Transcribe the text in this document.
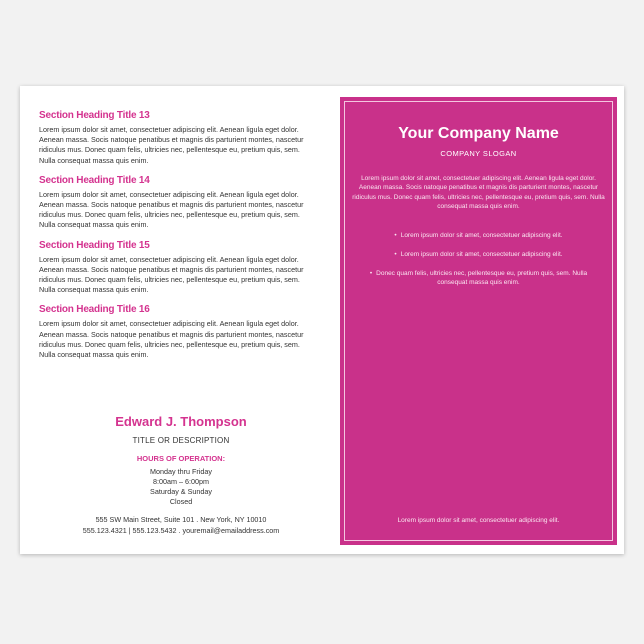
Section Heading Title 13

Lorem ipsum dolor sit amet, consectetuer adipiscing elit. Aenean ligula eget dolor. Aenean massa. Socis natoque penatibus et magnis dis parturient montes, nascetur ridiculus mus. Donec quam felis, ultricies nec, pellentesque eu, pretium quis, sem. Nulla consequat massa quis enim.

Section Heading Title 14

Lorem ipsum dolor sit amet, consectetuer adipiscing elit. Aenean ligula eget dolor. Aenean massa. Socis natoque penatibus et magnis dis parturient montes, nascetur ridiculus mus. Donec quam felis, ultricies nec, pellentesque eu, pretium quis, sem. Nulla consequat massa quis enim.

Section Heading Title 15

Lorem ipsum dolor sit amet, consectetuer adipiscing elit. Aenean ligula eget dolor. Aenean massa. Socis natoque penatibus et magnis dis parturient montes, nascetur ridiculus mus. Donec quam felis, ultricies nec, pellentesque eu, pretium quis, sem. Nulla consequat massa quis enim.

Section Heading Title 16

Lorem ipsum dolor sit amet, consectetuer adipiscing elit. Aenean ligula eget dolor. Aenean massa. Socis natoque penatibus et magnis dis parturient montes, nascetur ridiculus mus. Donec quam felis, ultricies nec, pellentesque eu, pretium quis, sem. Nulla consequat massa quis enim.

Edward J. Thompson
TITLE OR DESCRIPTION
HOURS OF OPERATION:
Monday thru Friday
8:00am – 6:00pm
Saturday & Sunday
Closed
555 SW Main Street, Suite 101 . New York, NY 10010
555.123.4321 | 555.123.5432 . youremail@emailaddress.com
Your Company Name
COMPANY SLOGAN
Lorem ipsum dolor sit amet, consectetuer adipiscing elit. Aenean ligula eget dolor. Aenean massa. Socis natoque penatibus et magnis dis parturient montes, nascetur ridiculus mus. Donec quam felis, ultricies nec, pellentesque eu, pretium quis, sem. Nulla consequat massa quis enim.
• Lorem ipsum dolor sit amet, consectetuer adipiscing elit.
• Lorem ipsum dolor sit amet, consectetuer adipiscing elit.
• Donec quam felis, ultricies nec, pellentesque eu, pretium quis, sem. Nulla consequat massa quis enim.
Lorem ipsum dolor sit amet, consectetuer adipiscing elit.
